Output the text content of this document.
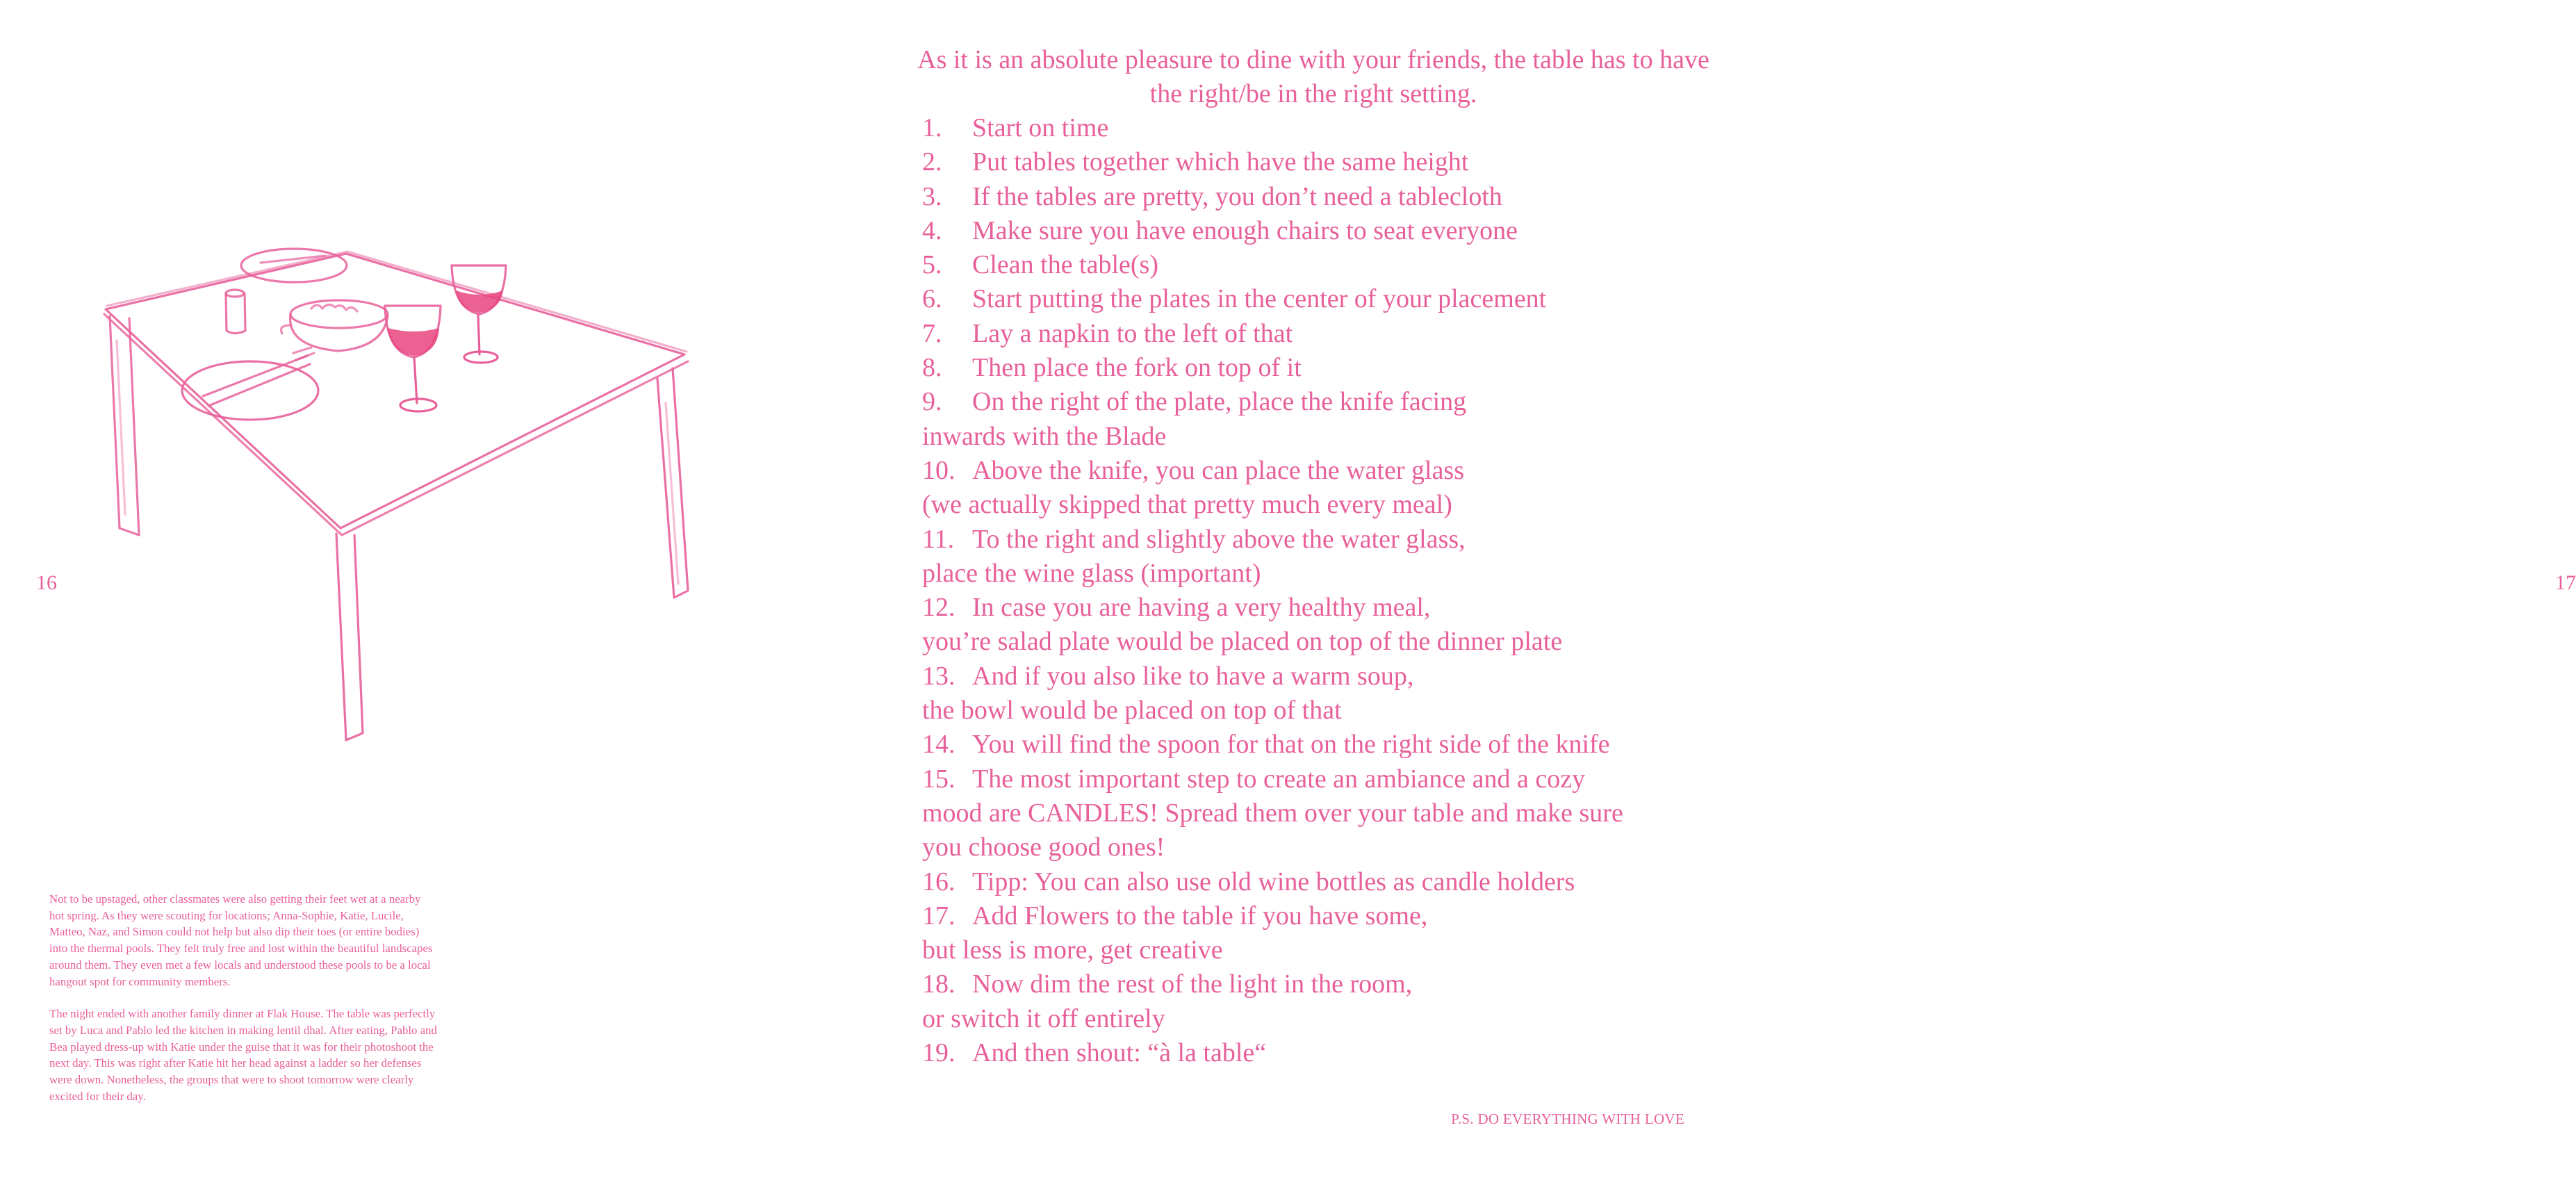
16

Not to be upstaged, other classmates were also getting their feet wet at a nearby hot spring. As they were scouting for locations; Anna-Sophie, Katie, Lucile, Matteo, Naz, and Simon could not help but also dip their toes (or entire bodies) into the thermal pools. They felt truly free and lost within the beautiful landscapes around them. They even met a few locals and understood these pools to be a local hangout spot for community members.

The night ended with another family dinner at Flak House. The table was perfectly set by Luca and Pablo led the kitchen in making lentil dhal. After eating, Pablo and Bea played dress-up with Katie under the guise that it was for their photoshoot the next day. This was right after Katie hit her head against a ladder so her defenses were down. Nonetheless, the groups that were to shoot tomorrow were clearly excited for their day.

17

As it is an absolute pleasure to dine with your friends, the table has to have the right/be in the right setting.

1. Start on time
2. Put tables together which have the same height
3. If the tables are pretty, you don’t need a tablecloth
4. Make sure you have enough chairs to seat everyone
5. Clean the table(s)
6. Start putting the plates in the center of your placement
7. Lay a napkin to the left of that
8. Then place the fork on top of it
9. On the right of the plate, place the knife facing
inwards with the Blade
10. Above the knife, you can place the water glass
(we actually skipped that pretty much every meal)
11. To the right and slightly above the water glass,
place the wine glass (important)
12. In case you are having a very healthy meal,
you’re salad plate would be placed on top of the dinner plate
13. And if you also like to have a warm soup,
the bowl would be placed on top of that
14. You will find the spoon for that on the right side of the knife
15. The most important step to create an ambiance and a cozy
mood are CANDLES! Spread them over your table and make sure
you choose good ones!
16. Tipp: You can also use old wine bottles as candle holders
17. Add Flowers to the table if you have some,
but less is more, get creative
18. Now dim the rest of the light in the room,
or switch it off entirely
19. And then shout: “à la table“
P.S. DO EVERYTHING WITH LOVE
